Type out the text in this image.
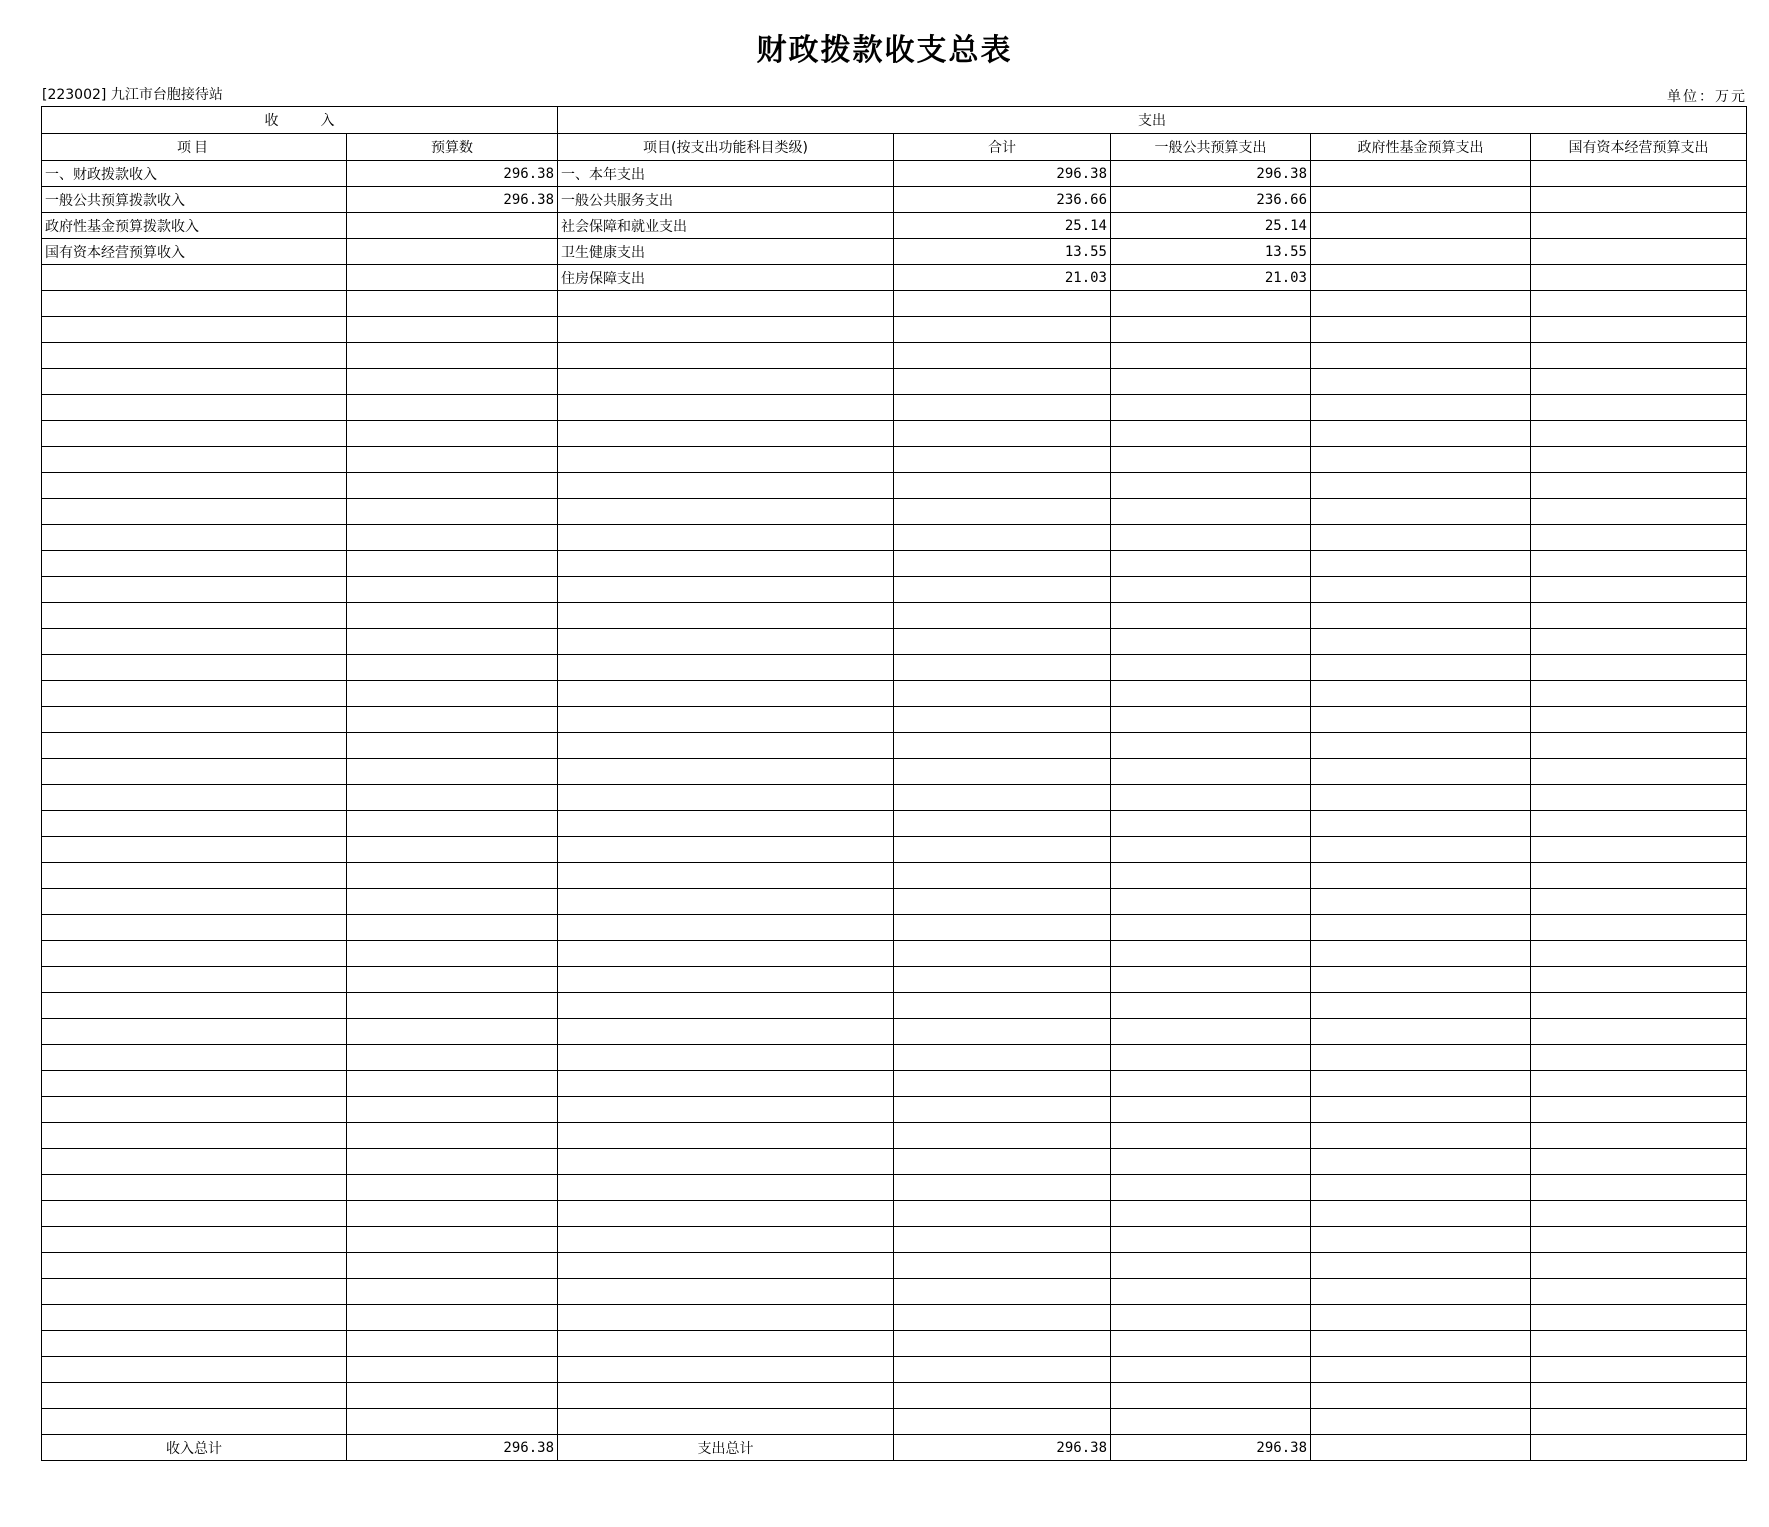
财政拨款收支总表
[223002] 九江市台胞接待站	单位：万元
收　　　入		支出				
项目	预算数	项目(按支出功能科目类级)	合计	一般公共预算支出	政府性基金预算支出	国有资本经营预算支出
一、财政拨款收入	296.38	一、本年支出	296.38	296.38		
一般公共预算拨款收入	296.38	一般公共服务支出	236.66	236.66		
政府性基金预算拨款收入		社会保障和就业支出	25.14	25.14		
国有资本经营预算收入		卫生健康支出	13.55	13.55		
		住房保障支出	21.03	21.03		

收入总计	296.38	支出总计	296.38	296.38		
